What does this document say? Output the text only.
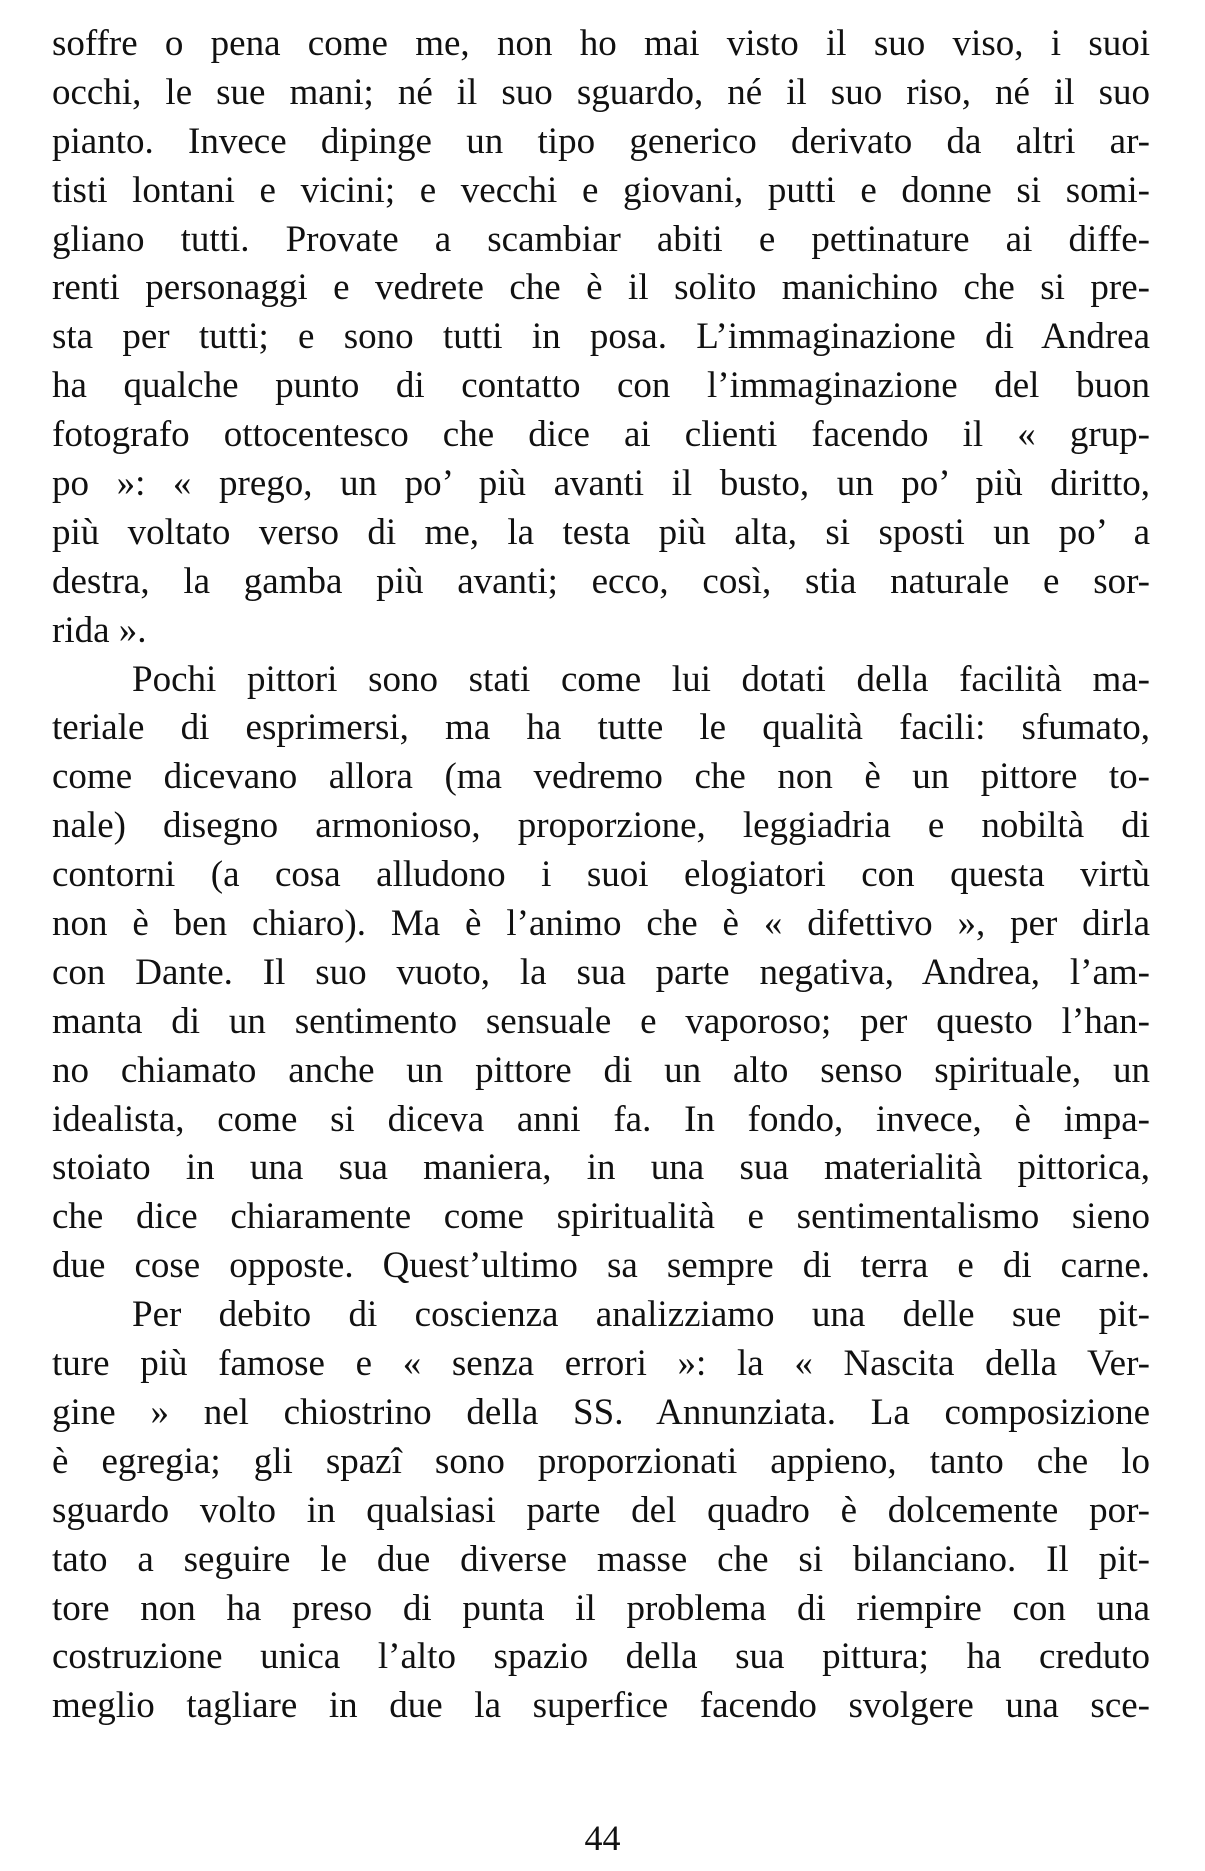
soffre o pena come me, non ho mai visto il suo viso, i suoi
occhi, le sue mani; né il suo sguardo, né il suo riso, né il suo
pianto. Invece dipinge un tipo generico derivato da altri ar-
tisti lontani e vicini; e vecchi e giovani, putti e donne si somi-
gliano tutti. Provate a scambiar abiti e pettinature ai diffe-
renti personaggi e vedrete che è il solito manichino che si pre-
sta per tutti; e sono tutti in posa. L’immaginazione di Andrea
ha qualche punto di contatto con l’immaginazione del buon
fotografo ottocentesco che dice ai clienti facendo il « grup-
po »: « prego, un po’ più avanti il busto, un po’ più diritto,
più voltato verso di me, la testa più alta, si sposti un po’ a
destra, la gamba più avanti; ecco, così, stia naturale e sor-
rida ».
Pochi pittori sono stati come lui dotati della facilità ma-
teriale di esprimersi, ma ha tutte le qualità facili: sfumato,
come dicevano allora (ma vedremo che non è un pittore to-
nale) disegno armonioso, proporzione, leggiadria e nobiltà di
contorni (a cosa alludono i suoi elogiatori con questa virtù
non è ben chiaro). Ma è l’animo che è « difettivo », per dirla
con Dante. Il suo vuoto, la sua parte negativa, Andrea, l’am-
manta di un sentimento sensuale e vaporoso; per questo l’han-
no chiamato anche un pittore di un alto senso spirituale, un
idealista, come si diceva anni fa. In fondo, invece, è impa-
stoiato in una sua maniera, in una sua materialità pittorica,
che dice chiaramente come spiritualità e sentimentalismo sieno
due cose opposte. Quest’ultimo sa sempre di terra e di carne.
Per debito di coscienza analizziamo una delle sue pit-
ture più famose e « senza errori »: la « Nascita della Ver-
gine » nel chiostrino della SS. Annunziata. La composizione
è egregia; gli spazî sono proporzionati appieno, tanto che lo
sguardo volto in qualsiasi parte del quadro è dolcemente por-
tato a seguire le due diverse masse che si bilanciano. Il pit-
tore non ha preso di punta il problema di riempire con una
costruzione unica l’alto spazio della sua pittura; ha creduto
meglio tagliare in due la superfice facendo svolgere una sce-
44
